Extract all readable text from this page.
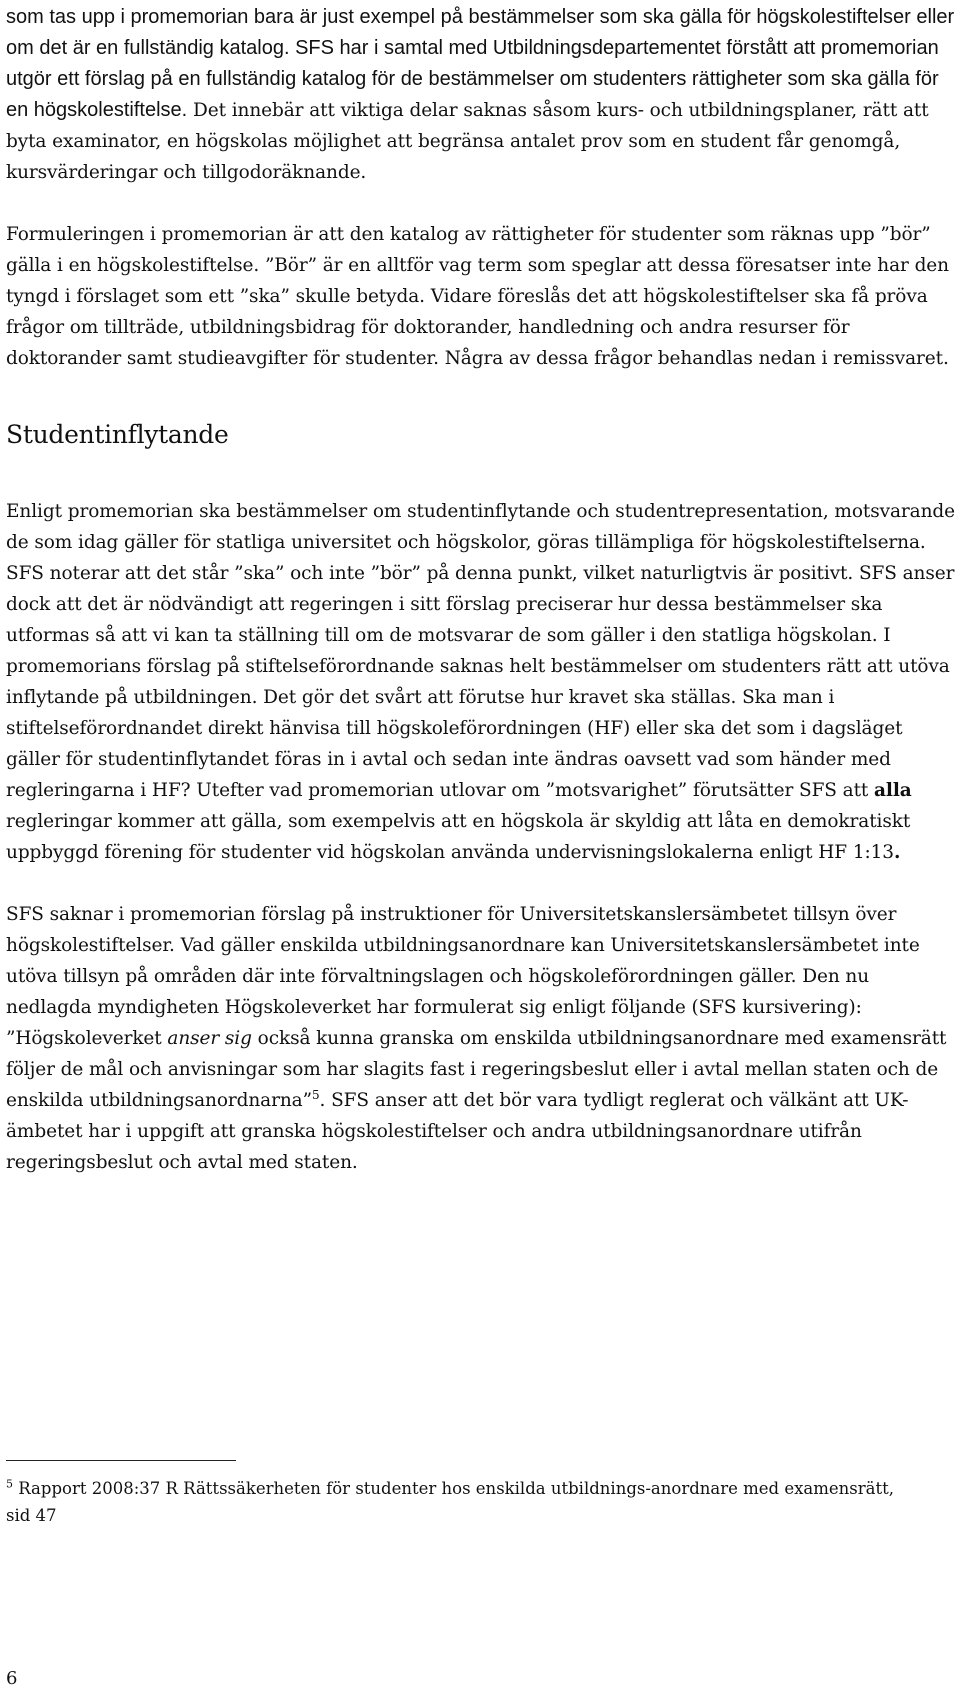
som tas upp i promemorian bara är just exempel på bestämmelser som ska gälla för högskolestiftelser eller om det är en fullständig katalog. SFS har i samtal med Utbildningsdepartementet förstått att promemorian utgör ett förslag på en fullständig katalog för de bestämmelser om studenters rättigheter som ska gälla för en högskolestiftelse. Det innebär att viktiga delar saknas såsom kurs- och utbildningsplaner, rätt att byta examinator, en högskolas möjlighet att begränsa antalet prov som en student får genomgå, kursvärderingar och tillgodoräknande.

Formuleringen i promemorian är att den katalog av rättigheter för studenter som räknas upp ”bör” gälla i en högskolestiftelse. ”Bör” är en alltför vag term som speglar att dessa föresatser inte har den tyngd i förslaget som ett ”ska” skulle betyda. Vidare föreslås det att högskolestiftelser ska få pröva frågor om tillträde, utbildningsbidrag för doktorander, handledning och andra resurser för doktorander samt studieavgifter för studenter. Några av dessa frågor behandlas nedan i remissvaret.

Studentinflytande

Enligt promemorian ska bestämmelser om studentinflytande och studentrepresentation, motsvarande de som idag gäller för statliga universitet och högskolor, göras tillämpliga för högskolestiftelserna. SFS noterar att det står ”ska” och inte ”bör” på denna punkt, vilket naturligtvis är positivt. SFS anser dock att det är nödvändigt att regeringen i sitt förslag preciserar hur dessa bestämmelser ska utformas så att vi kan ta ställning till om de motsvarar de som gäller i den statliga högskolan. I promemorians förslag på stiftelseförordnande saknas helt bestämmelser om studenters rätt att utöva inflytande på utbildningen. Det gör det svårt att förutse hur kravet ska ställas. Ska man i stiftelseförordnandet direkt hänvisa till högskoleförordningen (HF) eller ska det som i dagsläget gäller för studentinflytandet föras in i avtal och sedan inte ändras oavsett vad som händer med regleringarna i HF? Utefter vad promemorian utlovar om ”motsvarighet” förutsätter SFS att alla regleringar kommer att gälla, som exempelvis att en högskola är skyldig att låta en demokratiskt uppbyggd förening för studenter vid högskolan använda undervisningslokalerna enligt HF 1:13.

SFS saknar i promemorian förslag på instruktioner för Universitetskanslersämbetet tillsyn över högskolestiftelser. Vad gäller enskilda utbildningsanordnare kan Universitetskanslersämbetet inte utöva tillsyn på områden där inte förvaltningslagen och högskoleförordningen gäller. Den nu nedlagda myndigheten Högskoleverket har formulerat sig enligt följande (SFS kursivering): ”Högskoleverket anser sig också kunna granska om enskilda utbildningsanordnare med examensrätt följer de mål och anvisningar som har slagits fast i regeringsbeslut eller i avtal mellan staten och de enskilda utbildningsanordnarna”$^5$. SFS anser att det bör vara tydligt reglerat och välkänt att UK-ämbetet har i uppgift att granska högskolestiftelser och andra utbildningsanordnare utifrån regeringsbeslut och avtal med staten.

$^5$ Rapport 2008:37 R Rättssäkerheten för studenter hos enskilda utbildnings-anordnare med examensrätt, sid 47
6
